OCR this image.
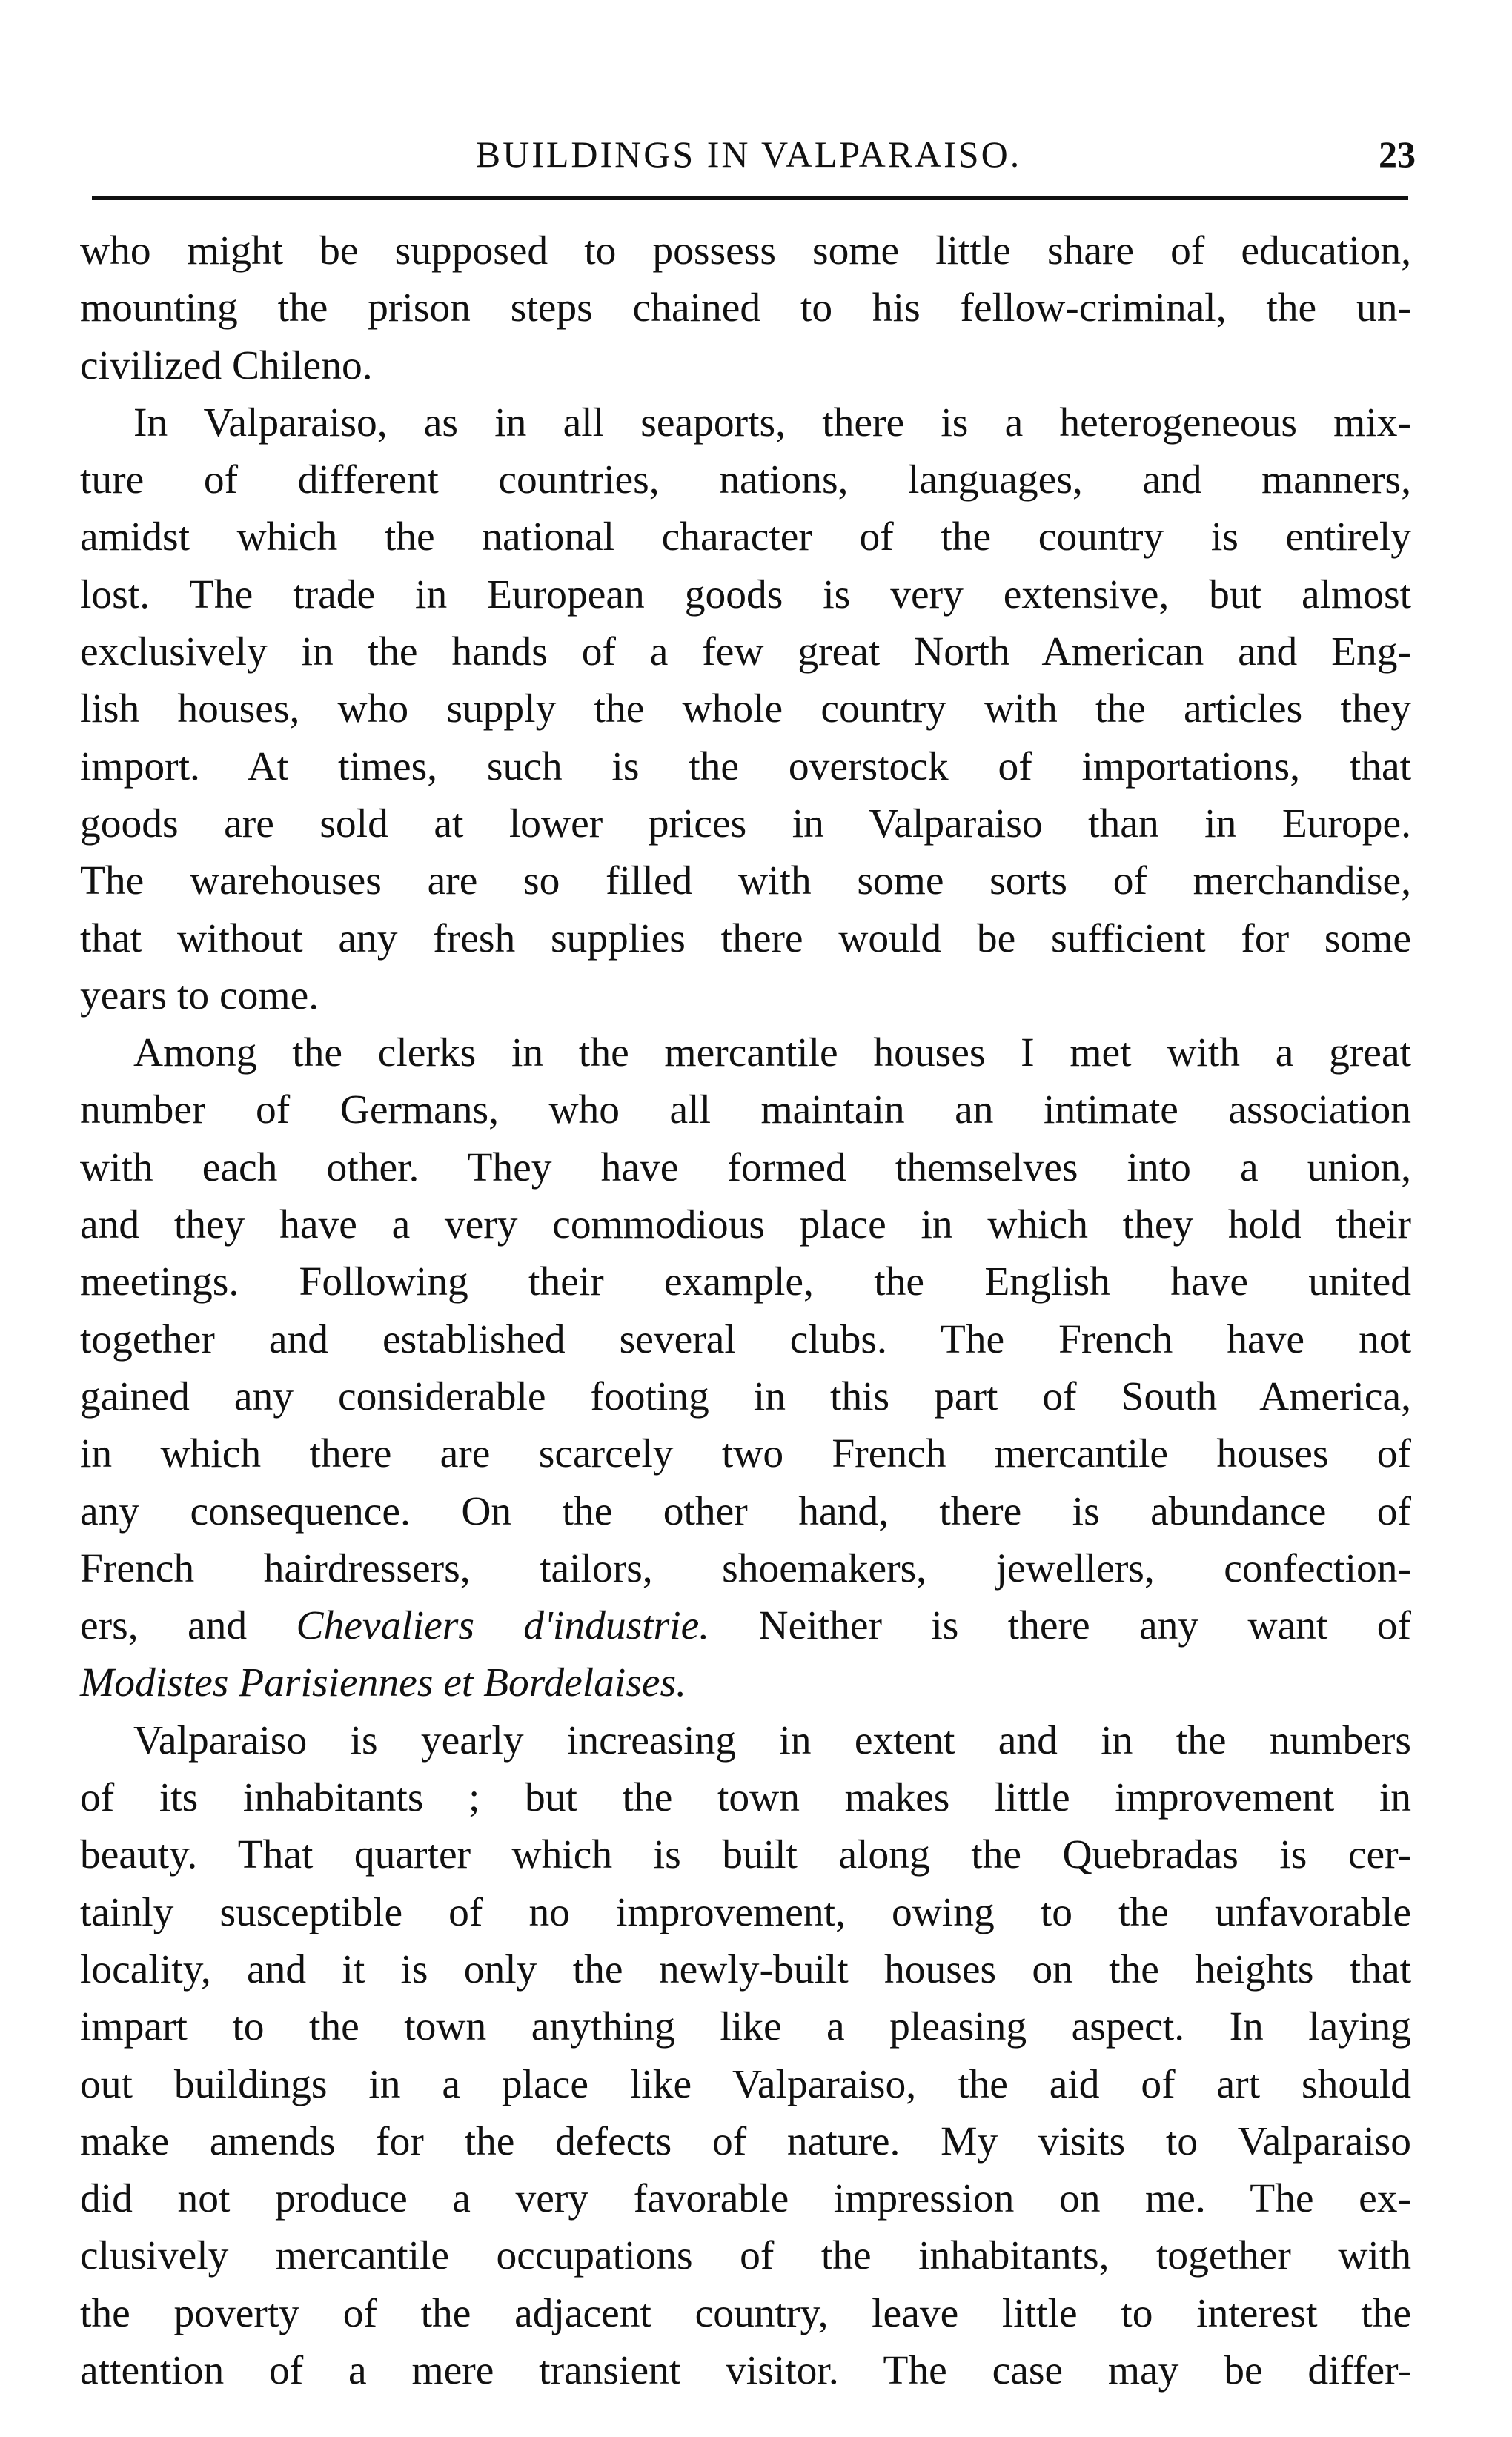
BUILDINGS IN VALPARAISO.	23
who might be supposed to possess some little share of education,
mounting the prison steps chained to his fellow-criminal, the un-
civilized Chileno.
In Valparaiso, as in all seaports, there is a heterogeneous mix-
ture of different countries, nations, languages, and manners,
amidst which the national character of the country is entirely
lost. The trade in European goods is very extensive, but almost
exclusively in the hands of a few great North American and Eng-
lish houses, who supply the whole country with the articles they
import. At times, such is the overstock of importations, that
goods are sold at lower prices in Valparaiso than in Europe.
The warehouses are so filled with some sorts of merchandise,
that without any fresh supplies there would be sufficient for some
years to come.
Among the clerks in the mercantile houses I met with a great
number of Germans, who all maintain an intimate association
with each other. They have formed themselves into a union,
and they have a very commodious place in which they hold their
meetings. Following their example, the English have united
together and established several clubs. The French have not
gained any considerable footing in this part of South America,
in which there are scarcely two French mercantile houses of
any consequence. On the other hand, there is abundance of
French hairdressers, tailors, shoemakers, jewellers, confection-
ers, and Chevaliers d'industrie. Neither is there any want of
Modistes Parisiennes et Bordelaises.
Valparaiso is yearly increasing in extent and in the numbers
of its inhabitants ; but the town makes little improvement in
beauty. That quarter which is built along the Quebradas is cer-
tainly susceptible of no improvement, owing to the unfavorable
locality, and it is only the newly-built houses on the heights that
impart to the town anything like a pleasing aspect. In laying
out buildings in a place like Valparaiso, the aid of art should
make amends for the defects of nature. My visits to Valparaiso
did not produce a very favorable impression on me. The ex-
clusively mercantile occupations of the inhabitants, together with
the poverty of the adjacent country, leave little to interest the
attention of a mere transient visitor. The case may be differ-
